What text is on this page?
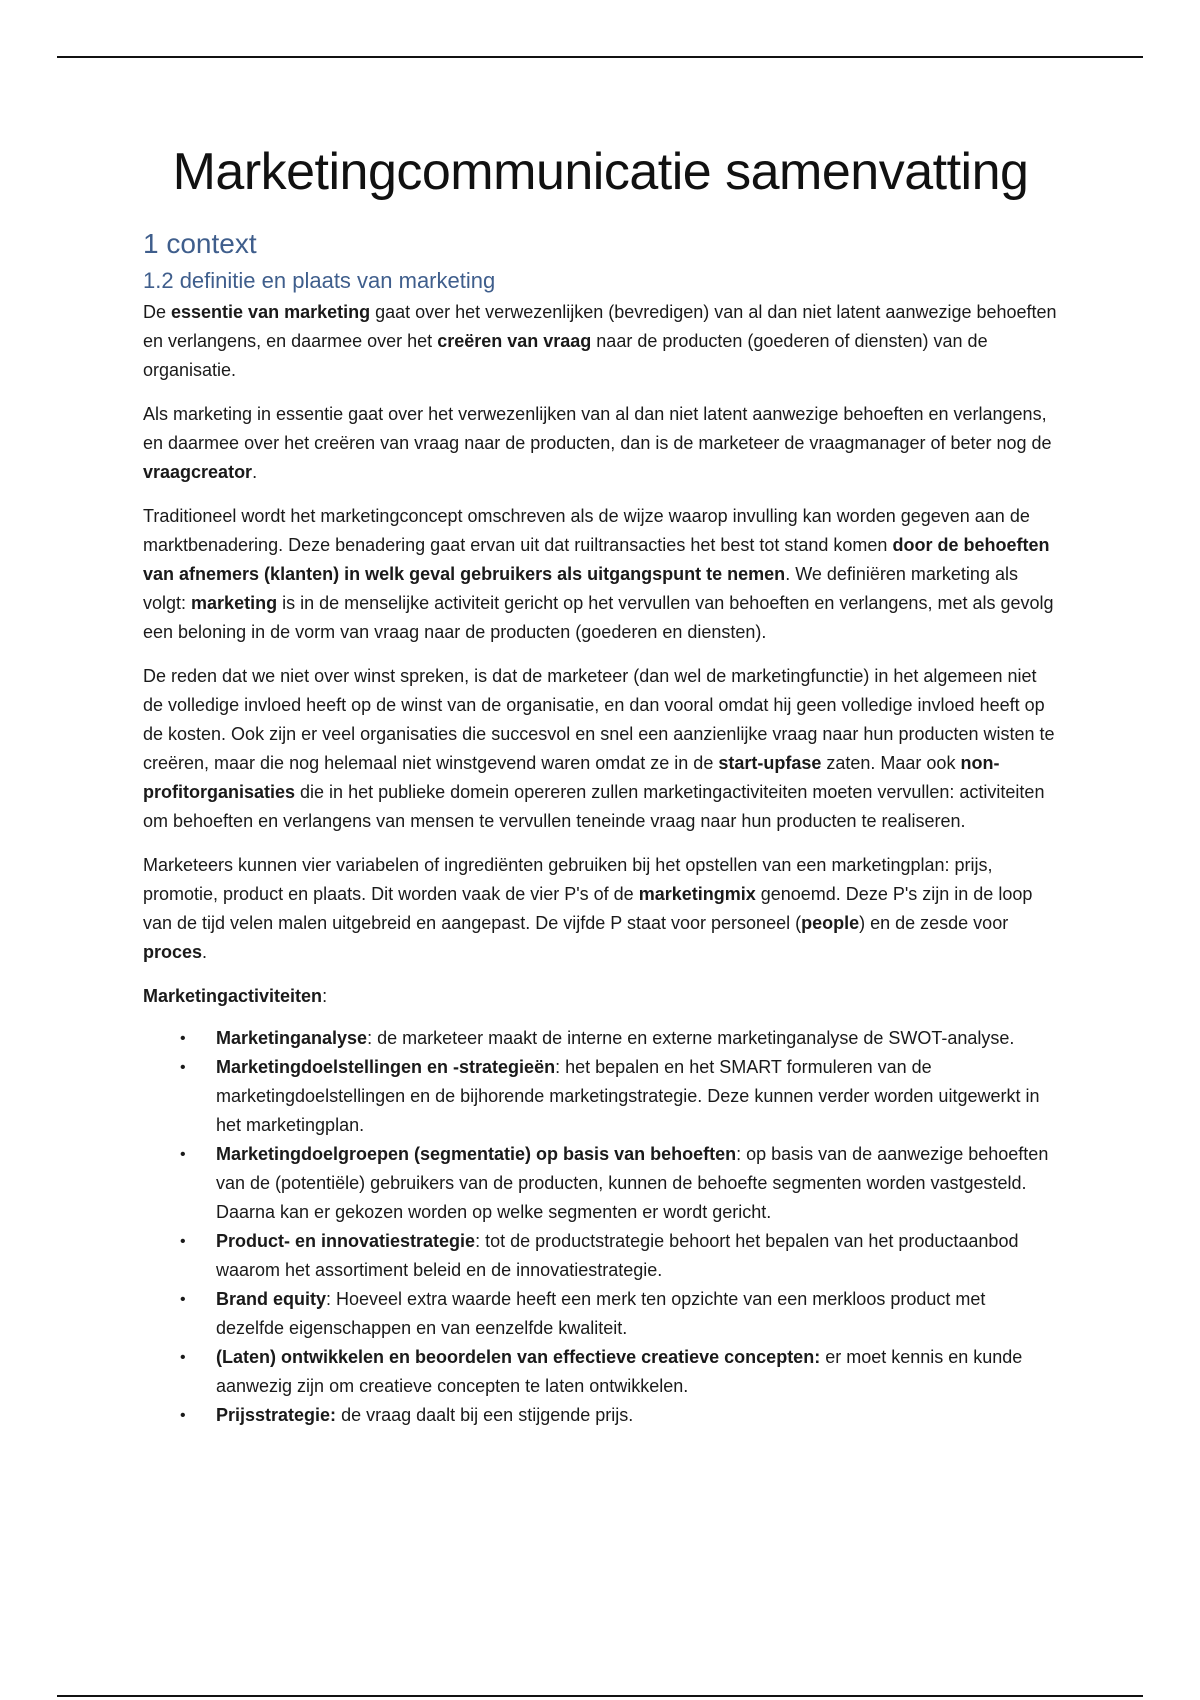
Marketingcommunicatie samenvatting
1 context
1.2 definitie en plaats van marketing

De essentie van marketing gaat over het verwezenlijken (bevredigen) van al dan niet latent aanwezige behoeften en verlangens, en daarmee over het creëren van vraag naar de producten (goederen of diensten) van de organisatie.

Als marketing in essentie gaat over het verwezenlijken van al dan niet latent aanwezige behoeften en verlangens, en daarmee over het creëren van vraag naar de producten, dan is de marketeer de vraagmanager of beter nog de vraagcreator.

Traditioneel wordt het marketingconcept omschreven als de wijze waarop invulling kan worden gegeven aan de marktbenadering. Deze benadering gaat ervan uit dat ruiltransacties het best tot stand komen door de behoeften van afnemers (klanten) in welk geval gebruikers als uitgangspunt te nemen. We definiëren marketing als volgt: marketing is in de menselijke activiteit gericht op het vervullen van behoeften en verlangens, met als gevolg een beloning in de vorm van vraag naar de producten (goederen en diensten).

De reden dat we niet over winst spreken, is dat de marketeer (dan wel de marketingfunctie) in het algemeen niet de volledige invloed heeft op de winst van de organisatie, en dan vooral omdat hij geen volledige invloed heeft op de kosten. Ook zijn er veel organisaties die succesvol en snel een aanzienlijke vraag naar hun producten wisten te creëren, maar die nog helemaal niet winstgevend waren omdat ze in de start-upfase zaten. Maar ook non-profitorganisaties die in het publieke domein opereren zullen marketingactiviteiten moeten vervullen: activiteiten om behoeften en verlangens van mensen te vervullen teneinde vraag naar hun producten te realiseren.

Marketeers kunnen vier variabelen of ingrediënten gebruiken bij het opstellen van een marketingplan: prijs, promotie, product en plaats. Dit worden vaak de vier P's of de marketingmix genoemd. Deze P's zijn in de loop van de tijd velen malen uitgebreid en aangepast. De vijfde P staat voor personeel (people) en de zesde voor proces.

Marketingactiviteiten:

• Marketinganalyse: de marketeer maakt de interne en externe marketinganalyse de SWOT-analyse.
• Marketingdoelstellingen en -strategieën: het bepalen en het SMART formuleren van de marketingdoelstellingen en de bijhorende marketingstrategie. Deze kunnen verder worden uitgewerkt in het marketingplan.
• Marketingdoelgroepen (segmentatie) op basis van behoeften: op basis van de aanwezige behoeften van de (potentiële) gebruikers van de producten, kunnen de behoefte segmenten worden vastgesteld. Daarna kan er gekozen worden op welke segmenten er wordt gericht.
• Product- en innovatiestrategie: tot de productstrategie behoort het bepalen van het productaanbod waarom het assortiment beleid en de innovatiestrategie.
• Brand equity: Hoeveel extra waarde heeft een merk ten opzichte van een merkloos product met dezelfde eigenschappen en van eenzelfde kwaliteit.
• (Laten) ontwikkelen en beoordelen van effectieve creatieve concepten: er moet kennis en kunde aanwezig zijn om creatieve concepten te laten ontwikkelen.
• Prijsstrategie: de vraag daalt bij een stijgende prijs.
